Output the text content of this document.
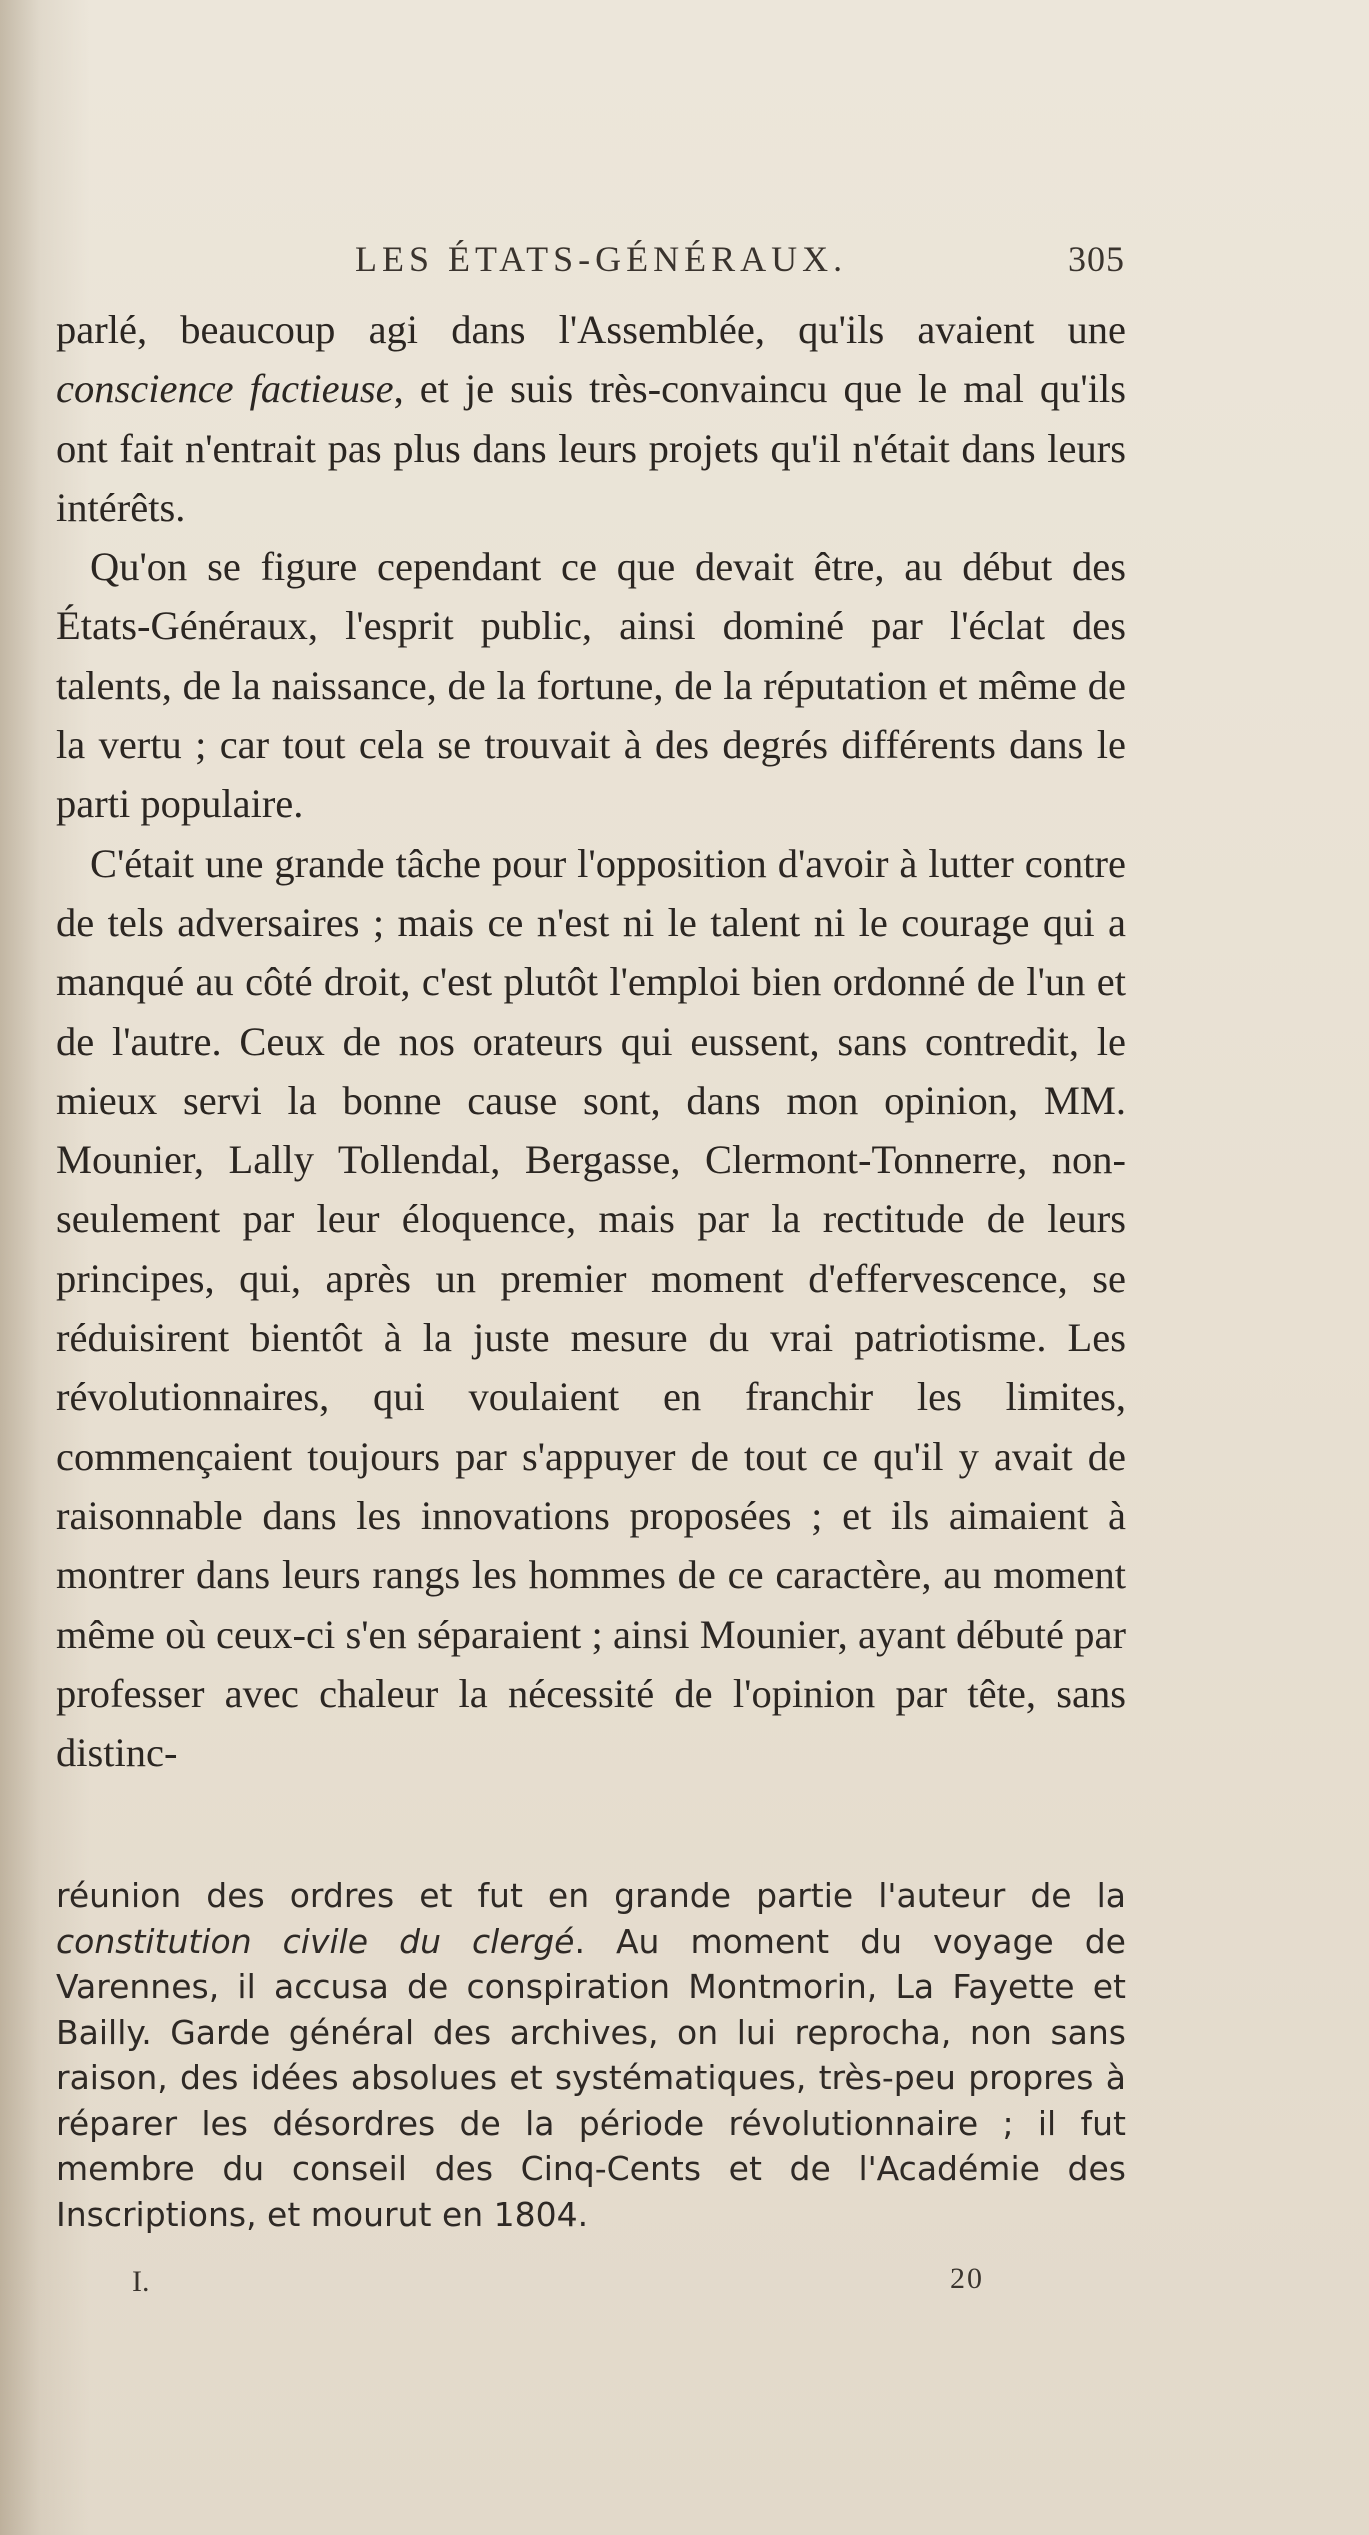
LES ÉTATS-GÉNÉRAUX.	305

parlé, beaucoup agi dans l'Assemblée, qu'ils avaient une conscience factieuse, et je suis très-convaincu que le mal qu'ils ont fait n'entrait pas plus dans leurs projets qu'il n'était dans leurs intérêts.

Qu'on se figure cependant ce que devait être, au début des États-Généraux, l'esprit public, ainsi dominé par l'éclat des talents, de la naissance, de la fortune, de la réputation et même de la vertu ; car tout cela se trouvait à des degrés différents dans le parti populaire.

C'était une grande tâche pour l'opposition d'avoir à lutter contre de tels adversaires ; mais ce n'est ni le talent ni le courage qui a manqué au côté droit, c'est plutôt l'emploi bien ordonné de l'un et de l'autre. Ceux de nos orateurs qui eussent, sans contredit, le mieux servi la bonne cause sont, dans mon opinion, MM. Mounier, Lally Tollendal, Bergasse, Clermont-Tonnerre, non-seulement par leur éloquence, mais par la rectitude de leurs principes, qui, après un premier moment d'effervescence, se réduisirent bientôt à la juste mesure du vrai patriotisme. Les révolutionnaires, qui voulaient en franchir les limites, commençaient toujours par s'appuyer de tout ce qu'il y avait de raisonnable dans les innovations proposées ; et ils aimaient à montrer dans leurs rangs les hommes de ce caractère, au moment même où ceux-ci s'en séparaient ; ainsi Mounier, ayant débuté par professer avec chaleur la nécessité de l'opinion par tête, sans distinc-

réunion des ordres et fut en grande partie l'auteur de la constitution civile du clergé. Au moment du voyage de Varennes, il accusa de conspiration Montmorin, La Fayette et Bailly. Garde général des archives, on lui reprocha, non sans raison, des idées absolues et systématiques, très-peu propres à réparer les désordres de la période révolutionnaire ; il fut membre du conseil des Cinq-Cents et de l'Académie des Inscriptions, et mourut en 1804.

I.	20
